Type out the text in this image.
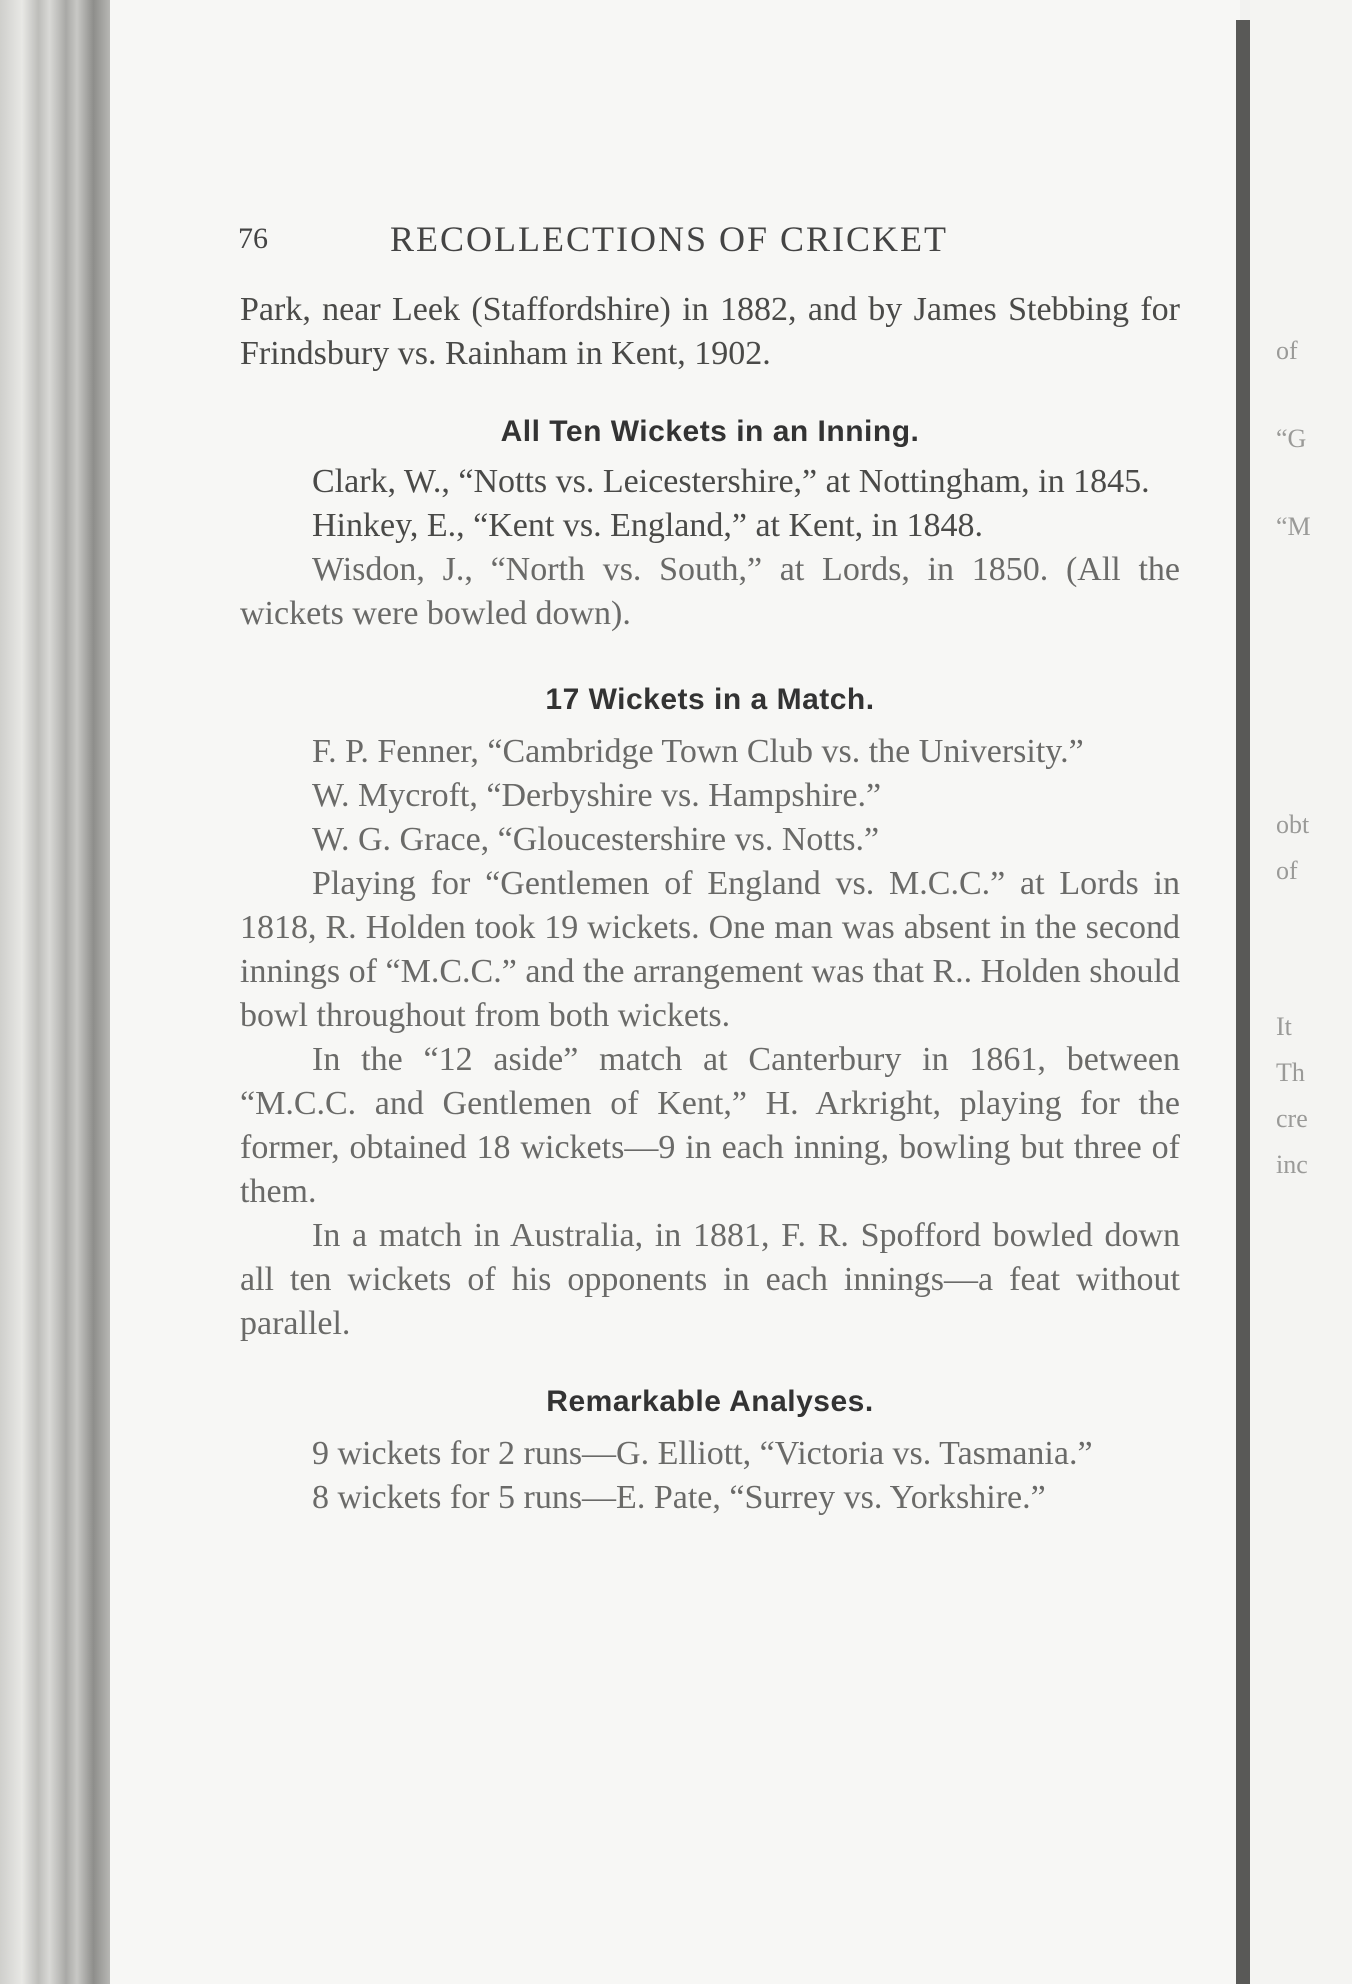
of
“G
“M
obt
of
It
Th
cre
inc
76	RECOLLECTIONS OF CRICKET

Park, near Leek (Staffordshire) in 1882, and by James Stebbing for Frindsbury vs. Rainham in Kent, 1902.

All Ten Wickets in an Inning.

Clark, W., “Notts vs. Leicestershire,” at Nottingham, in 1845.

Hinkey, E., “Kent vs. England,” at Kent, in 1848.

Wisdon, J., “North vs. South,” at Lords, in 1850. (All the wickets were bowled down).

17 Wickets in a Match.

F. P. Fenner, “Cambridge Town Club vs. the University.”

W. Mycroft, “Derbyshire vs. Hampshire.”

W. G. Grace, “Gloucestershire vs. Notts.”

Playing for “Gentlemen of England vs. M.C.C.” at Lords in 1818, R. Holden took 19 wickets. One man was absent in the second innings of “M.C.C.” and the arrangement was that R.. Holden should bowl throughout from both wickets.

In the “12 aside” match at Canterbury in 1861, between “M.C.C. and Gentlemen of Kent,” H. Arkright, playing for the former, obtained 18 wickets—9 in each inning, bowling but three of them.

In a match in Australia, in 1881, F. R. Spofford bowled down all ten wickets of his opponents in each innings—a feat without parallel.

Remarkable Analyses.

9 wickets for 2 runs—G. Elliott, “Victoria vs. Tasmania.”

8 wickets for 5 runs—E. Pate, “Surrey vs. Yorkshire.”
